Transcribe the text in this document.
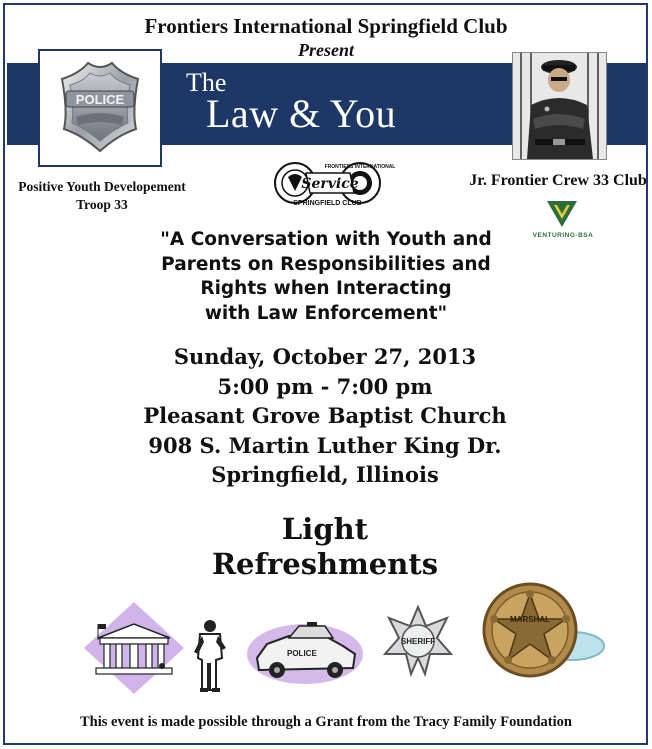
Frontiers International Springfield Club
Present
The
Law & You
POLICE
Positive Youth Developement
Troop 33
Service
FRONTIERS INTERNATIONAL
SPRINGFIELD CLUB
Jr. Frontier Crew 33 Club
VENTURING·BSA
"A Conversation with Youth and
Parents on Responsibilities and
Rights when Interacting
with Law Enforcement"
Sunday, October 27, 2013
5:00 pm - 7:00 pm
Pleasant Grove Baptist Church
908 S. Martin Luther King Dr.
Springfield, Illinois
Light
Refreshments
POLICE
SHERIFF
MARSHAL
This event is made possible through a Grant from the Tracy Family Foundation
